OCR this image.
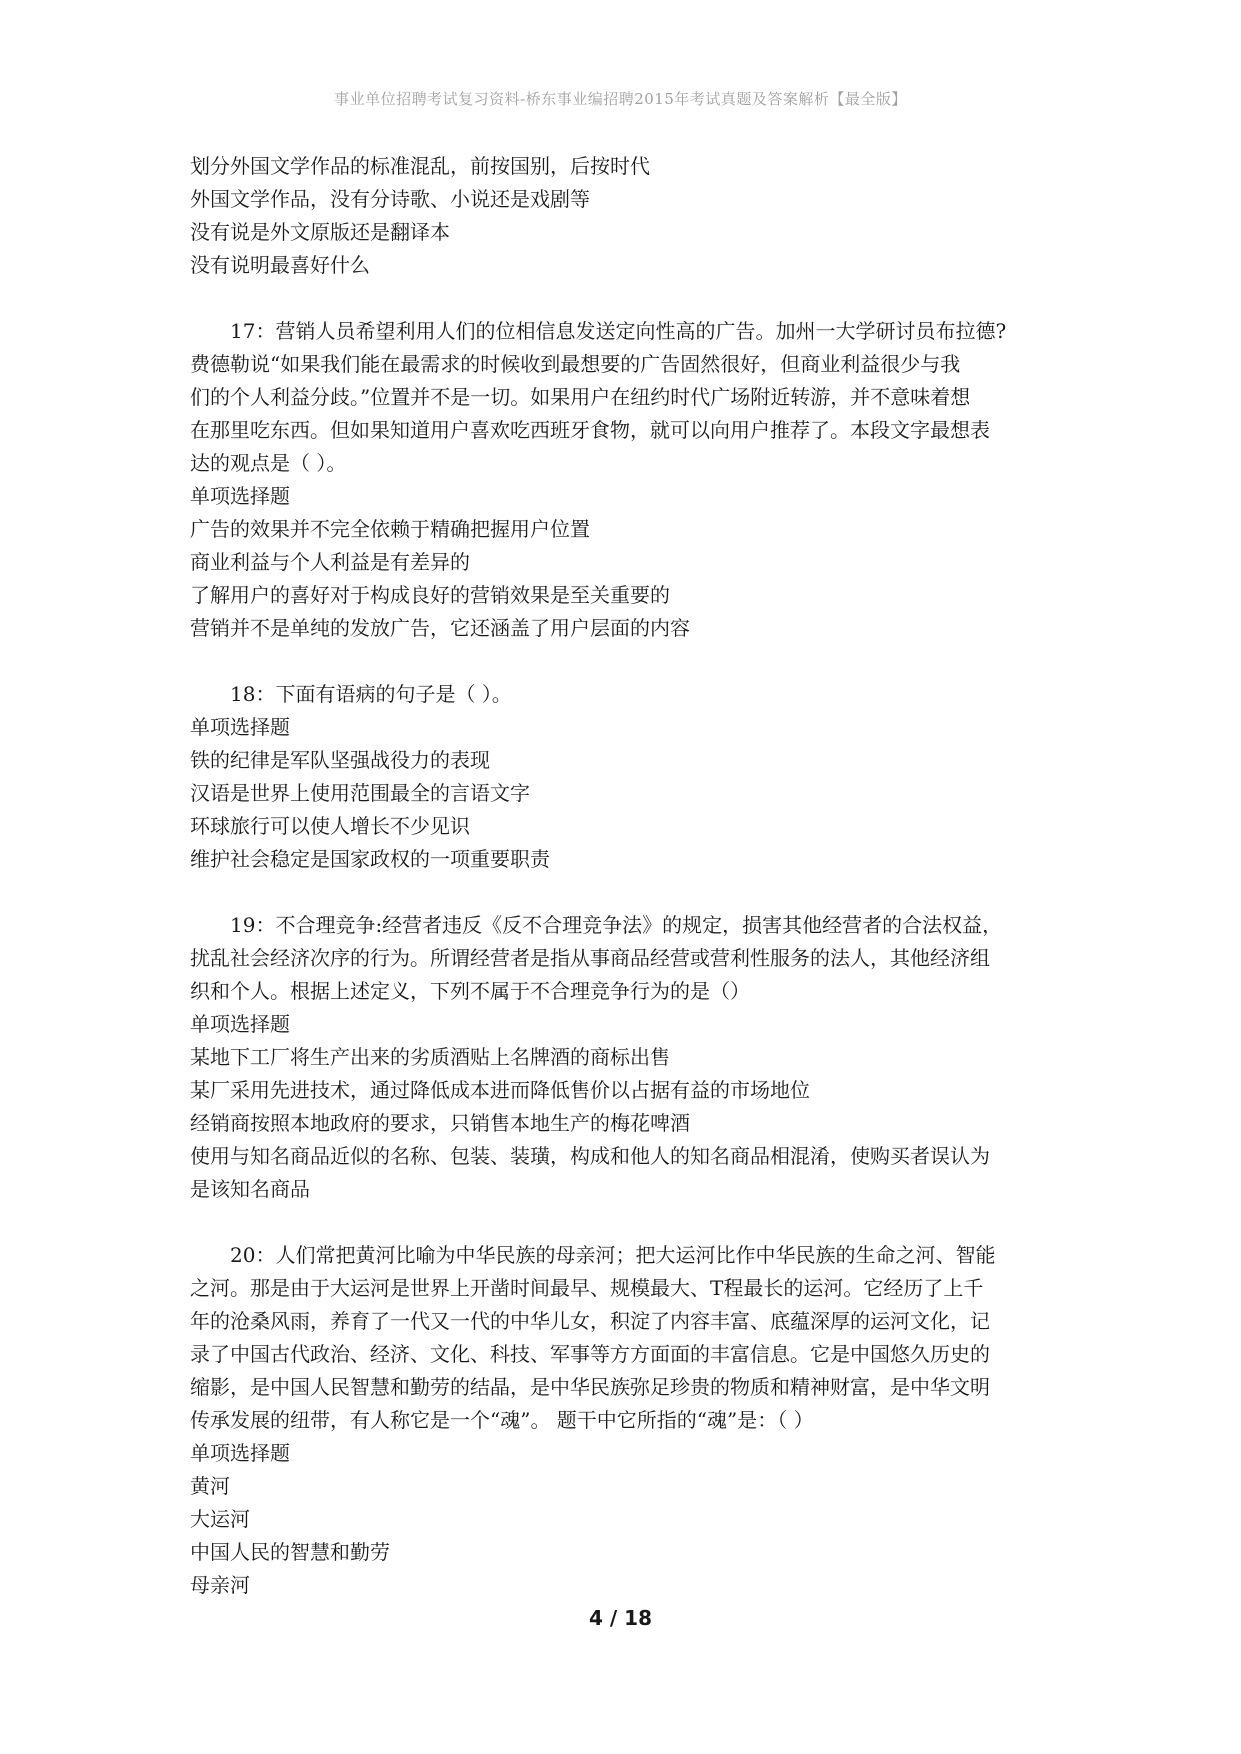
事业单位招聘考试复习资料-桥东事业编招聘2015年考试真题及答案解析【最全版】
划分外国文学作品的标准混乱，前按国别，后按时代
外国文学作品，没有分诗歌、小说还是戏剧等
没有说是外文原版还是翻译本
没有说明最喜好什么
17：营销人员希望利用人们的位相信息发送定向性高的广告。加州一大学研讨员布拉德?
费德勒说“如果我们能在最需求的时候收到最想要的广告固然很好，但商业利益很少与我
们的个人利益分歧。”位置并不是一切。如果用户在纽约时代广场附近转游，并不意味着想
在那里吃东西。但如果知道用户喜欢吃西班牙食物，就可以向用户推荐了。本段文字最想表
达的观点是（ ）。
单项选择题
广告的效果并不完全依赖于精确把握用户位置
商业利益与个人利益是有差异的
了解用户的喜好对于构成良好的营销效果是至关重要的
营销并不是单纯的发放广告，它还涵盖了用户层面的内容
18：下面有语病的句子是（ ）。
单项选择题
铁的纪律是军队坚强战役力的表现
汉语是世界上使用范围最全的言语文字
环球旅行可以使人增长不少见识
维护社会稳定是国家政权的一项重要职责
19：不合理竞争:经营者违反《反不合理竞争法》的规定，损害其他经营者的合法权益，
扰乱社会经济次序的行为。所谓经营者是指从事商品经营或营利性服务的法人，其他经济组
织和个人。根据上述定义，下列不属于不合理竞争行为的是（）
单项选择题
某地下工厂将生产出来的劣质酒贴上名牌酒的商标出售
某厂采用先进技术，通过降低成本进而降低售价以占据有益的市场地位
经销商按照本地政府的要求，只销售本地生产的梅花啤酒
使用与知名商品近似的名称、包装、装璜，构成和他人的知名商品相混淆，使购买者误认为
是该知名商品
20：人们常把黄河比喻为中华民族的母亲河；把大运河比作中华民族的生命之河、智能
之河。那是由于大运河是世界上开凿时间最早、规模最大、T程最长的运河。它经历了上千
年的沧桑风雨，养育了一代又一代的中华儿女，积淀了内容丰富、底蕴深厚的运河文化，记
录了中国古代政治、经济、文化、科技、军事等方方面面的丰富信息。它是中国悠久历史的
缩影，是中国人民智慧和勤劳的结晶，是中华民族弥足珍贵的物质和精神财富，是中华文明
传承发展的纽带，有人称它是一个“魂”。 题干中它所指的“魂”是：（ ）
单项选择题
黄河
大运河
中国人民的智慧和勤劳
母亲河
4 / 18
